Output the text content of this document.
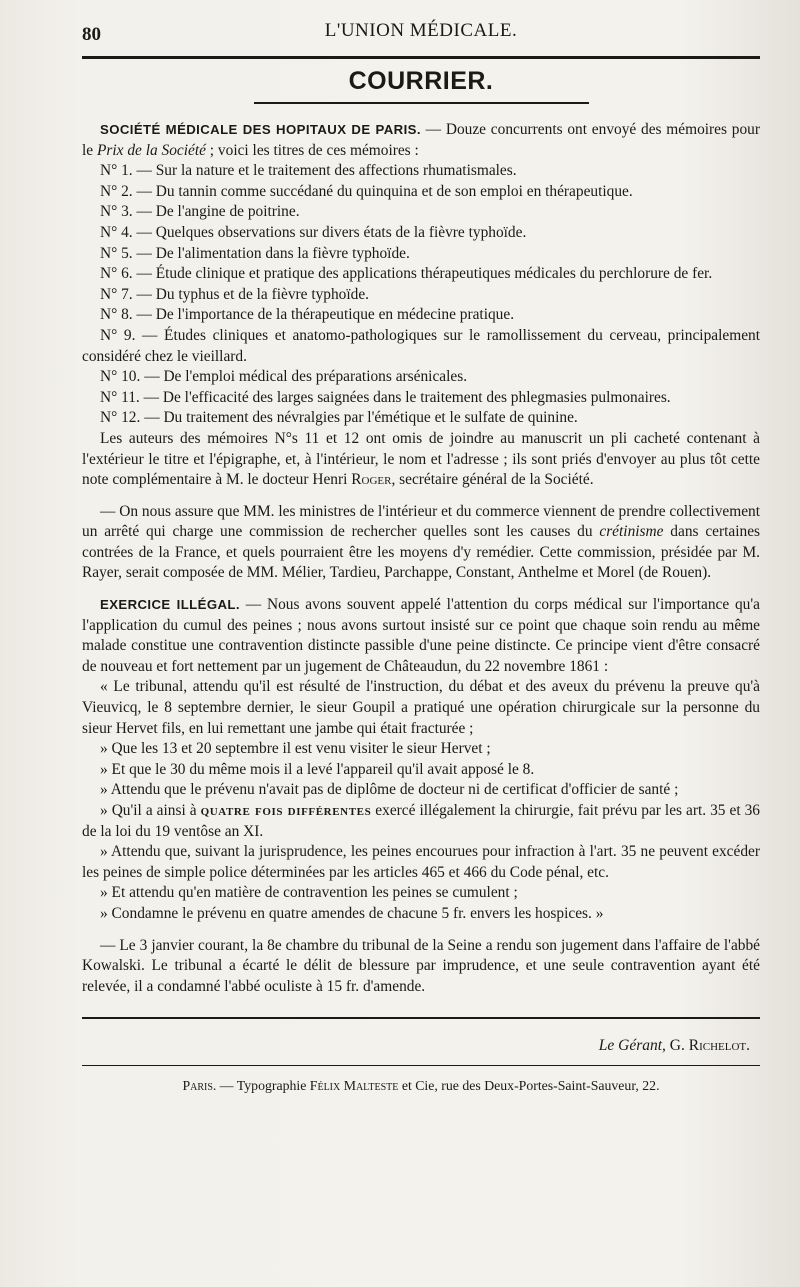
80	L'UNION MÉDICALE.
COURRIER.

SOCIÉTÉ MÉDICALE DES HOPITAUX DE PARIS. — Douze concurrents ont envoyé des mémoires pour le Prix de la Société ; voici les titres de ces mémoires :

N° 1. — Sur la nature et le traitement des affections rhumatismales.

N° 2. — Du tannin comme succédané du quinquina et de son emploi en thérapeutique.

N° 3. — De l'angine de poitrine.

N° 4. — Quelques observations sur divers états de la fièvre typhoïde.

N° 5. — De l'alimentation dans la fièvre typhoïde.

N° 6. — Étude clinique et pratique des applications thérapeutiques médicales du perchlorure de fer.

N° 7. — Du typhus et de la fièvre typhoïde.

N° 8. — De l'importance de la thérapeutique en médecine pratique.

N° 9. — Études cliniques et anatomo-pathologiques sur le ramollissement du cerveau, principalement considéré chez le vieillard.

N° 10. — De l'emploi médical des préparations arsénicales.

N° 11. — De l'efficacité des larges saignées dans le traitement des phlegmasies pulmonaires.

N° 12. — Du traitement des névralgies par l'émétique et le sulfate de quinine.

Les auteurs des mémoires N°s 11 et 12 ont omis de joindre au manuscrit un pli cacheté contenant à l'extérieur le titre et l'épigraphe, et, à l'intérieur, le nom et l'adresse ; ils sont priés d'envoyer au plus tôt cette note complémentaire à M. le docteur Henri Roger, secrétaire général de la Société.

— On nous assure que MM. les ministres de l'intérieur et du commerce viennent de prendre collectivement un arrêté qui charge une commission de rechercher quelles sont les causes du crétinisme dans certaines contrées de la France, et quels pourraient être les moyens d'y remédier. Cette commission, présidée par M. Rayer, serait composée de MM. Mélier, Tardieu, Parchappe, Constant, Anthelme et Morel (de Rouen).

EXERCICE ILLÉGAL. — Nous avons souvent appelé l'attention du corps médical sur l'importance qu'a l'application du cumul des peines ; nous avons surtout insisté sur ce point que chaque soin rendu au même malade constitue une contravention distincte passible d'une peine distincte. Ce principe vient d'être consacré de nouveau et fort nettement par un jugement de Châteaudun, du 22 novembre 1861 :

« Le tribunal, attendu qu'il est résulté de l'instruction, du débat et des aveux du prévenu la preuve qu'à Vieuvicq, le 8 septembre dernier, le sieur Goupil a pratiqué une opération chirurgicale sur la personne du sieur Hervet fils, en lui remettant une jambe qui était fracturée ;

» Que les 13 et 20 septembre il est venu visiter le sieur Hervet ;

» Et que le 30 du même mois il a levé l'appareil qu'il avait apposé le 8.

» Attendu que le prévenu n'avait pas de diplôme de docteur ni de certificat d'officier de santé ;

» Qu'il a ainsi à quatre fois différentes exercé illégalement la chirurgie, fait prévu par les art. 35 et 36 de la loi du 19 ventôse an XI.

» Attendu que, suivant la jurisprudence, les peines encourues pour infraction à l'art. 35 ne peuvent excéder les peines de simple police déterminées par les articles 465 et 466 du Code pénal, etc.

» Et attendu qu'en matière de contravention les peines se cumulent ;

» Condamne le prévenu en quatre amendes de chacune 5 fr. envers les hospices. »

— Le 3 janvier courant, la 8e chambre du tribunal de la Seine a rendu son jugement dans l'affaire de l'abbé Kowalski. Le tribunal a écarté le délit de blessure par imprudence, et une seule contravention ayant été relevée, il a condamné l'abbé oculiste à 15 fr. d'amende.

Le Gérant, G. Richelot.
Paris. — Typographie Félix Malteste et Cie, rue des Deux-Portes-Saint-Sauveur, 22.
